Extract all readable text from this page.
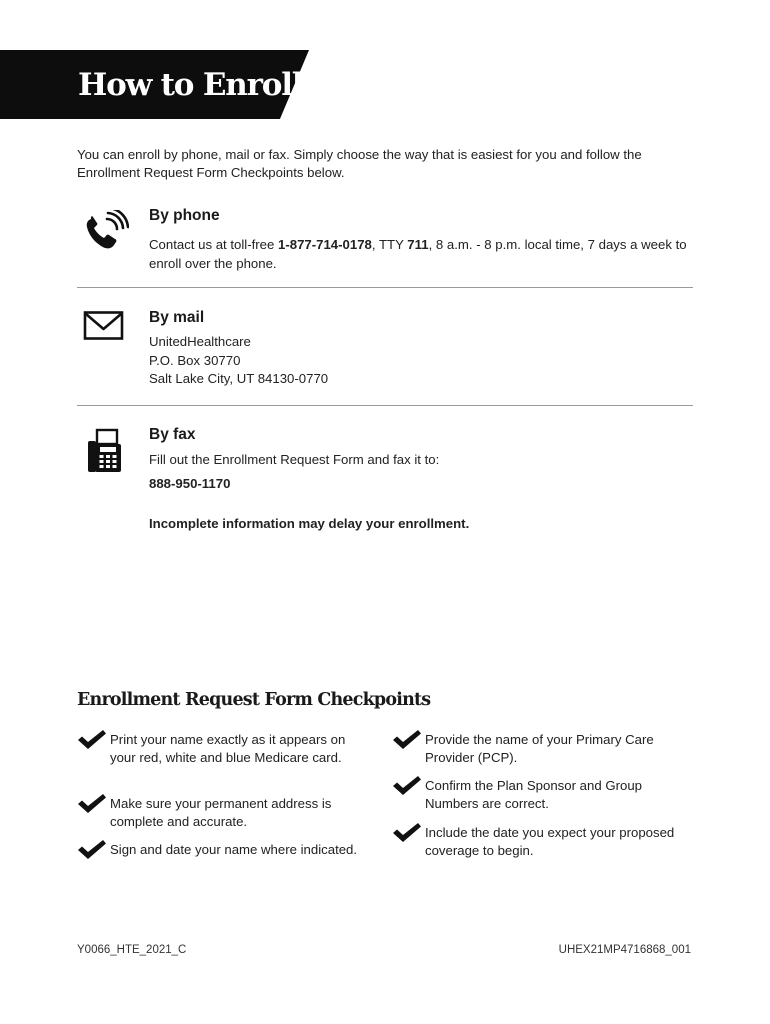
How to Enroll
You can enroll by phone, mail or fax. Simply choose the way that is easiest for you and follow the Enrollment Request Form Checkpoints below.
By phone

Contact us at toll-free 1-877-714-0178, TTY 711, 8 a.m. - 8 p.m. local time, 7 days a week to enroll over the phone.

By mail

UnitedHealthcare

P.O. Box 30770

Salt Lake City, UT 84130-0770

By fax

Fill out the Enrollment Request Form and fax it to:

888-950-1170

Incomplete information may delay your enrollment.

Enrollment Request Form Checkpoints
Print your name exactly as it appears on your red, white and blue Medicare card.
Make sure your permanent address is complete and accurate.
Sign and date your name where indicated.
Provide the name of your Primary Care Provider (PCP).
Confirm the Plan Sponsor and Group Numbers are correct.
Include the date you expect your proposed coverage to begin.
Y0066_HTE_2021_C	UHEX21MP4716868_001
